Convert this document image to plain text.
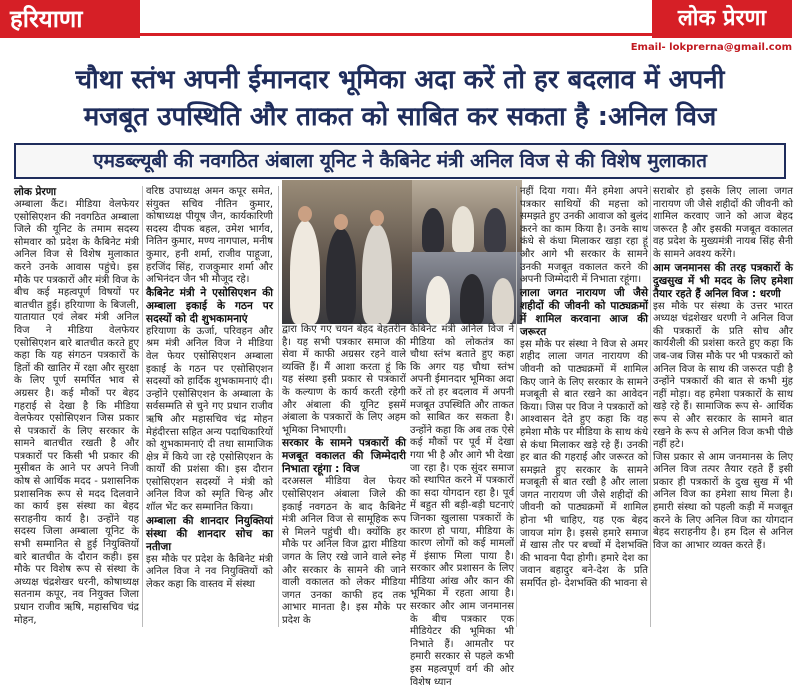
हरियाणा	लोक प्रेरणा
Email- lokprerna@gmail.com
चौथा स्तंभ अपनी ईमानदार भूमिका अदा करें तो हर बदलाव में अपनी
मजबूत उपस्थिति और ताकत को साबित कर सकता है :अनिल विज
एमडब्ल्यूबी की नवगठित अंबाला यूनिट ने कैबिनेट मंत्री अनिल विज से की विशेष मुलाकात

लोक प्रेरणा

अम्बाला कैंट। मीडिया वेलफेयर एसोसिएशन की नवगठित अम्बाला जिले की यूनिट के तमाम सदस्य सोमवार को प्रदेश के कैबिनेट मंत्री अनिल विज से विशेष मुलाकात करने उनके आवास पहुंचे। इस मौके पर पत्रकारों और मंत्री विज के बीच कई महत्वपूर्ण विषयों पर बातचीत हुई। हरियाणा के बिजली, यातायात एवं लेबर मंत्री अनिल विज ने मीडिया वेलफेयर एसोसिएशन बारे बातचीत करते हुए कहा कि यह संगठन पत्रकारों के हितों की खातिर में रक्षा और सुरक्षा के लिए पूर्ण समर्पित भाव से अग्रसर है। कई मौकों पर बेहद गहराई से देखा है कि मीडिया वेलफेयर एसोसिएशन जिस प्रकार से पत्रकारों के लिए सरकार के सामने बातचीत रखती है और पत्रकारों पर किसी भी प्रकार की मुसीबत के आने पर अपने निजी कोष से आर्थिक मदद - प्रशासनिक प्रशासनिक रूप से मदद दिलवाने का कार्य इस संस्था का बेहद सराहनीय कार्य है। उन्होंने यह सदस्य जिला अम्बाला यूनिट के सभी सम्मानित से हुई नियुक्तियों बारे बातचीत के दौरान कही। इस मौके पर विशेष रूप से संस्था के अध्यक्ष चंद्रशेखर धरनी, कोषाध्यक्ष सतनाम कपूर, नव नियुक्त जिला प्रधान राजीव ऋषि, महासचिव चंद्र मोहन,

वरिष्ठ उपाध्यक्ष अमन कपूर समेत, संयुक्त सचिव नीतिन कुमार, कोषाध्यक्ष पीयूष जैन, कार्यकारिणी सदस्य दीपक बहल, उमेश भार्गव, नितिन कुमार, मण्य नागपाल, मनीष कुमार, हनी शर्मा, राजीव पाहूजा, हरजिंद सिंह, राजकुमार शर्मा और अभिनंदन जैन भी मौजूद रहे।

कैबिनेट मंत्री ने एसोसिएशन की अम्बाला इकाई के गठन पर सदस्यों को दी शुभकामनाएं

हरियाणा के ऊर्जा, परिवहन और श्रम मंत्री अनिल विज ने मीडिया वेल फेयर एसोसिएशन अम्बाला इकाई के गठन पर एसोसिएशन सदस्यों को हार्दिक शुभकामनाएं दी। उन्होंने एसोसिएशन के अम्बाला के सर्वसम्मति से चुने गए प्रधान राजीव ऋषि और महासचिव चंद्र मोहन मेहंदीरत्ता सहित अन्य पदाधिकारियों को शुभकामनाएं दी तथा सामाजिक क्षेत्र में किये जा रहे एसोसिएशन के कार्यों की प्रशंसा की। इस दौरान एसोसिएशन सदस्यों ने मंत्री को अनिल विज को स्मृति चिन्ह और शॉल भेंट कर सम्मानित किया।

अम्बाला की शानदार नियुक्तियां संस्था की शानदार सोच का नतीजा

इस मौके पर प्रदेश के कैबिनेट मंत्री अनिल विज ने नव नियुक्तियों को लेकर कहा कि वास्तव में संस्था

द्वारा किए गए चयन बेहद बेहतरीन है। यह सभी पत्रकार समाज की सेवा में काफी अग्रसर रहने वाले व्यक्ति हैं। मैं आशा करता हूं कि यह संस्था इसी प्रकार से पत्रकारों के कल्याण के कार्य करती रहेगी और अंबाला की यूनिट इसमें अंबाला के पत्रकारों के लिए अहम भूमिका निभाएगी।

सरकार के सामने पत्रकारों की मजबूत वकालत की जिम्मेदारी निभाता रहूंगा : विज

दरअसल मीडिया वेल फेयर एसोसिएशन अंबाला जिले की इकाई नवगठन के बाद कैबिनेट मंत्री अनिल विज से सामूहिक रूप से मिलने पहुंची थी। क्योंकि हर मौके पर अनिल विज द्वारा मीडिया जगत के लिए रखे जाने वाले स्नेह और सरकार के सामने की जाने वाली वकालत को लेकर मीडिया जगत उनका काफी हद तक आभार मानता है। इस मौके पर प्रदेश के

कैबिनेट मंत्री अनिल विज ने मीडिया को लोकतंत्र का चौथा स्तंभ बताते हुए कहा कि अगर यह चौथा स्तंभ अपनी ईमानदार भूमिका अदा करें तो हर बदलाव में अपनी मजबूत उपस्थिति और ताकत को साबित कर सकता है। उन्होंने कहा कि अब तक ऐसे कई मौकों पर पूर्व में देखा गया भी है और आगे भी देखा जा रहा है। एक सुंदर समाज को स्थापित करने में पत्रकारों का सदा योगदान रहा है। पूर्व में बहुत सी बड़ी-बड़ी घटनाएं जिनका खुलासा पत्रकारों के कारण हो पाया, मीडिया के कारण लोगों को कई मामलों में इंसाफ मिला पाया है। सरकार और प्रशासन के लिए मीडिया आंख और कान की भूमिका में रहता आया है। सरकार और आम जनमानस के बीच पत्रकार एक मीडियेटर की भूमिका भी निभाते हैं। आमतौर पर हमारी सरकार से पहले कभी इस महत्वपूर्ण वर्ग की ओर विशेष ध्यान

नहीं दिया गया। मैंने हमेशा अपने पत्रकार साथियों की महत्ता को समझते हुए उनकी आवाज को बुलंद करने का काम किया है। उनके साथ कंधे से कंधा मिलाकर खड़ा रहा हूं और आगे भी सरकार के सामने उनकी मजबूत वकालत करने की अपनी जिम्मेदारी में निभाता रहूंगा।

लाला जगत नारायण जी जैसे शहीदों की जीवनी को पाठ्यक्रमों में शामिल करवाना आज की जरूरत

इस मौके पर संस्था ने विज से अमर शहीद लाला जगत नारायण की जीवनी को पाठ्यक्रमों में शामिल किए जाने के लिए सरकार के सामने मजबूती से बात रखने का आवेदन किया। जिस पर विज ने पत्रकारों को आश्वासन देते हुए कहा कि वह हमेशा मौके पर मीडिया के साथ कंधे से कंधा मिलाकर खड़े रहे हैं। उनकी हर बात की गहराई और जरूरत को समझते हुए सरकार के सामने मजबूती से बात रखी है और लाला जगत नारायण जी जैसे शहीदों की जीवनी को पाठ्यक्रमों में शामिल होना भी चाहिए, यह एक बेहद जायज मांग है। इससे हमारे समाज में खास तौर पर बच्चों में देशभक्ति की भावना पैदा होगी। हमारे देश का जवान बहादुर बने-देश के प्रति समर्पित हो- देशभक्ति की भावना से

सराबोर हो इसके लिए लाला जगत नारायण जी जैसे शहीदों की जीवनी को शामिल करवाए जाने को आज बेहद जरूरत है और इसकी मजबूत वकालत वह प्रदेश के मुख्यमंत्री नायब सिंह सैनी के सामने अवश्य करेंगे।

आम जनमानस की तरह पत्रकारों के दुखसुख में भी मदद के लिए हमेशा तैयार रहते हैं अनिल विज : धरणी

इस मौके पर संस्था के उत्तर भारत अध्यक्ष चंद्रशेखर धरणी ने अनिल विज की पत्रकारों के प्रति सोच और कार्यशैली की प्रशंसा करते हुए कहा कि जब-जब जिस मौके पर भी पत्रकारों को अनिल विज के साथ की जरूरत पड़ी है उन्होंने पत्रकारों की बात से कभी मुंह नहीं मोड़ा। वह हमेशा पत्रकारों के साथ खड़े रहे हैं। सामाजिक रूप से- आर्थिक रूप से और सरकार के सामने बात रखने के रूप से अनिल विज कभी पीछे नहीं हटे।

जिस प्रकार से आम जनमानस के लिए अनिल विज तत्पर तैयार रहते हैं इसी प्रकार ही पत्रकारों के दुख सुख में भी अनिल विज का हमेशा साथ मिला है। हमारी संस्था को पहली कड़ी में मजबूत करने के लिए अनिल विज का योगदान बेहद सराहनीय है। हम दिल से अनिल विज का आभार व्यक्त करते हैं।
